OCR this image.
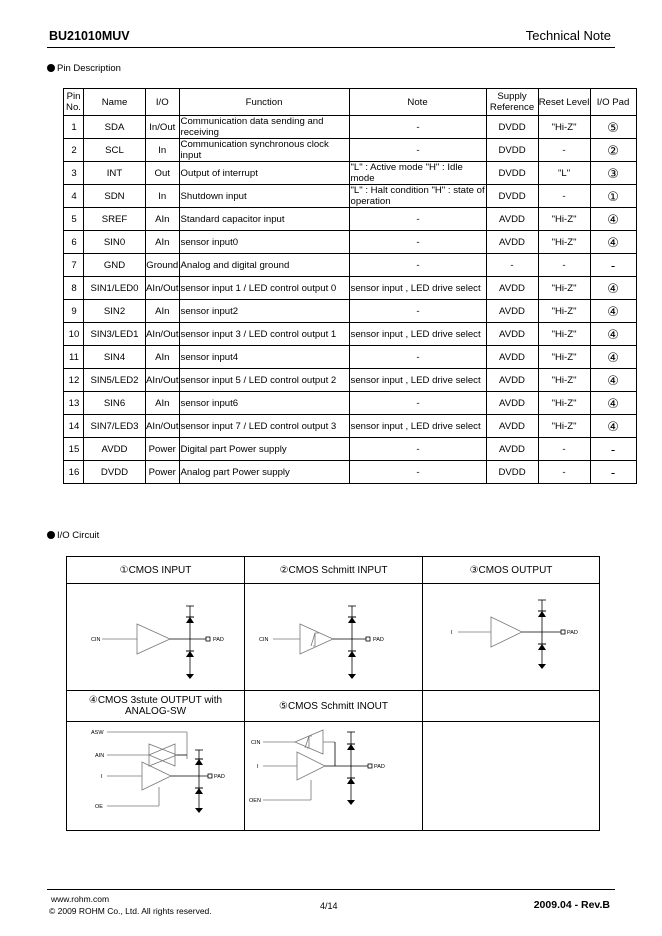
BU21010MUV	Technical Note
Pin Description
Pin No.	Name	I/O	Function	Note	Supply Reference	Reset Level	I/O Pad
1	SDA	In/Out	Communication data sending and receiving	-	DVDD	"Hi-Z"	⑤
2	SCL	In	Communication synchronous clock input	-	DVDD	-	②
3	INT	Out	Output of interrupt	"L" : Active mode "H" : Idle mode	DVDD	"L"	③
4	SDN	In	Shutdown input	"L" : Halt condition "H" : state of operation	DVDD	-	①
5	SREF	AIn	Standard capacitor input	-	AVDD	"Hi-Z"	④
6	SIN0	AIn	sensor input0	-	AVDD	"Hi-Z"	④
7	GND	Ground	Analog and digital ground	-	-	-	-
8	SIN1/LED0	AIn/Out	sensor input 1 / LED control output 0	sensor input , LED drive select	AVDD	"Hi-Z"	④
9	SIN2	AIn	sensor input2	-	AVDD	"Hi-Z"	④
10	SIN3/LED1	AIn/Out	sensor input 3 / LED control output 1	sensor input , LED drive select	AVDD	"Hi-Z"	④
11	SIN4	AIn	sensor input4	-	AVDD	"Hi-Z"	④
12	SIN5/LED2	AIn/Out	sensor input 5 / LED control output 2	sensor input , LED drive select	AVDD	"Hi-Z"	④
13	SIN6	AIn	sensor input6	-	AVDD	"Hi-Z"	④
14	SIN7/LED3	AIn/Out	sensor input 7 / LED control output 3	sensor input , LED drive select	AVDD	"Hi-Z"	④
15	AVDD	Power	Digital part Power supply	-	AVDD	-	-
16	DVDD	Power	Analog part Power supply	-	DVDD	-	-
I/O Circuit
①CMOS INPUT	②CMOS Schmitt INPUT	③CMOS OUTPUT

CIN PAD	CIN PAD	I PAD

④CMOS 3stute OUTPUT with ANALOG-SW	⑤CMOS Schmitt INOUT	

ASW
AIN
I
OE
PAD	CIN
I
OEN
PAD	

www.rohm.com
© 2009 ROHM Co., Ltd. All rights reserved.	4/14	2009.04 - Rev.B
